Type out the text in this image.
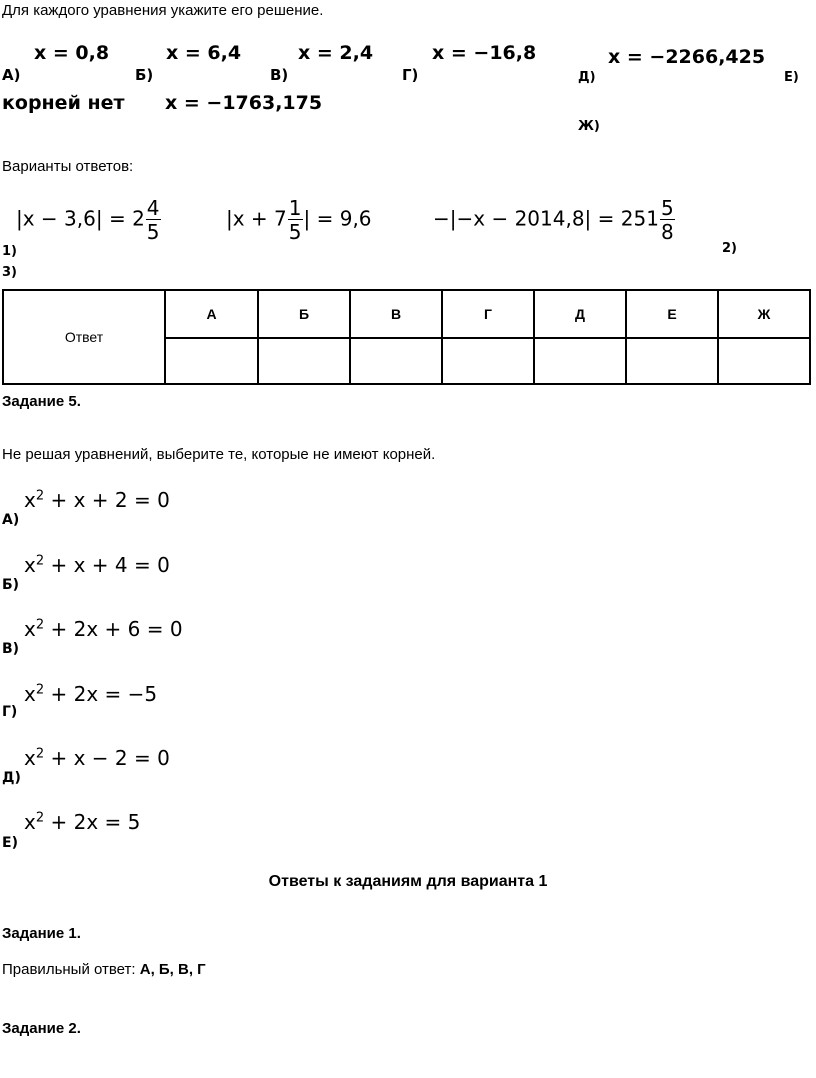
Для каждого уравнения укажите его решение.
А)
x = 0,8
Б)
x = 6,4
В)
x = 2,4
Г)
x = −16,8
Д)
x = −2266,425
Е)
корней нет x = −1763,175
Ж)
Варианты ответов:
$|x - 3,6| = 2 \frac{4}{5}$	$|x + 7 \frac{1}{5}$ | = 9,6	$-|-x - 2014,8| = 251 \frac{5}{8}$
1)	2)
3)
Ответ	А	Б	В	Г	Д	Е	Ж

Задание 5.
Не решая уравнений, выберите те, которые не имеют корней.
$x^2 + x + 2 = 0$
А)
$x^2 + x + 4 = 0$
Б)
$x^2 + 2x + 6 = 0$
В)
$x^2 + 2x = -5$
Г)
$x^2 + x - 2 = 0$
Д)
$x^2 + 2x = 5$
Е)
Ответы к заданиям для варианта 1
Задание 1.
Правильный ответ: А, Б, В, Г
Задание 2.
